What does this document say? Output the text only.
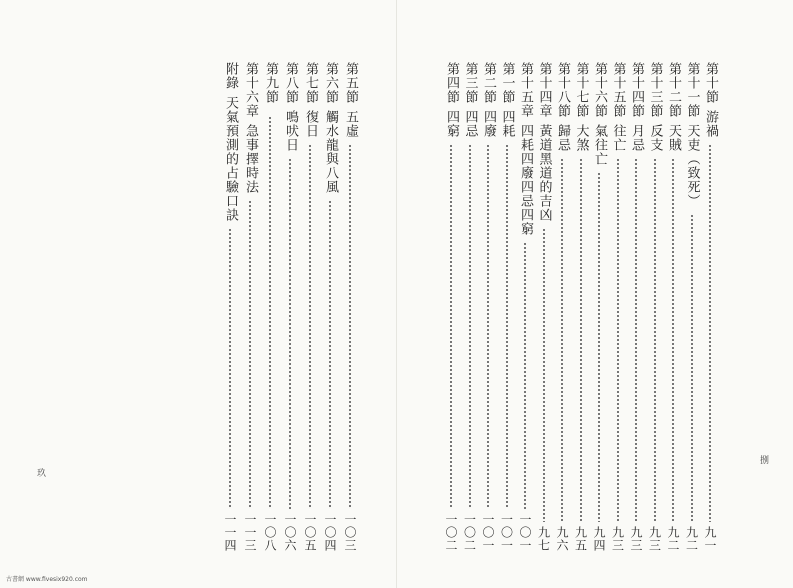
第十節
游禍
九一
第十一節
天吏（致死）
九二
第十二節
天賊
九二
第十三節
反支
九三
第十四節
月忌
九三
第十五節
往亡
九三
第十六節
氣往亡
九四
第十七節
大煞
九五
第十八節
歸忌
九六
第十四章
黃道黑道的吉凶
九七
第十五章
四耗四廢四忌四窮
一〇一
第一節
四耗
一〇一
第二節
四廢
一〇一
第三節
四忌
一〇二
第四節
四窮
一〇二
第五節
五虛
一〇三
第六節
觸水龍與八風
一〇四
第七節
復日
一〇五
第八節
鳴吠日
一〇六
第九節
一〇八
第十六章
急事擇時法
一一三
附錄
天氣預測的占驗口訣
一一四
捌
玖
古書網 www.fivesix920.com
